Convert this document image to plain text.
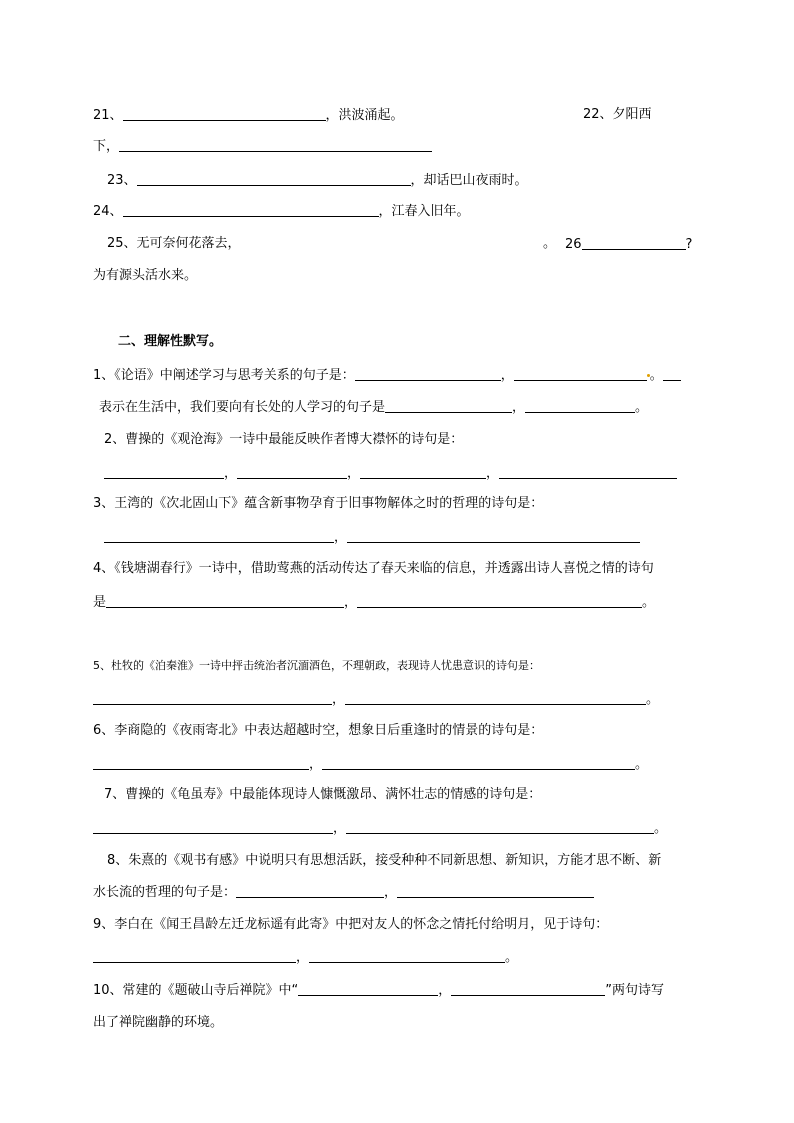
21、	，洪波涌起。	22、夕阳西
下，
23、	，却话巴山夜雨时。
24、	，江春入旧年。
25、无可奈何花落去，	。 26	?
为有源头活水来。
二、理解性默写。
1、《论语》中阐述学习与思考关系的句子是：	，	。
表示在生活中，我们要向有长处的人学习的句子是	，	。
2、曹操的《观沧海》一诗中最能反映作者博大襟怀的诗句是：
，	，	，
3、王湾的《次北固山下》蕴含新事物孕育于旧事物解体之时的哲理的诗句是：
，
4、《钱塘湖春行》一诗中，借助莺燕的活动传达了春天来临的信息，并透露出诗人喜悦之情的诗句
是	，	。
5、杜牧的《泊秦淮》一诗中抨击统治者沉湎酒色，不理朝政，表现诗人忧患意识的诗句是：
，	。
6、李商隐的《夜雨寄北》中表达超越时空，想象日后重逢时的情景的诗句是：
，	。
7、曹操的《龟虽寿》中最能体现诗人慷慨激昂、满怀壮志的情感的诗句是：
，	。
8、朱熹的《观书有感》中说明只有思想活跃，接受种种不同新思想、新知识，方能才思不断、新
水长流的哲理的句子是：	，
9、李白在《闻王昌龄左迁龙标遥有此寄》中把对友人的怀念之情托付给明月，见于诗句：
，	。
10、常建的《题破山寺后禅院》中“	，	”两句诗写
出了禅院幽静的环境。
